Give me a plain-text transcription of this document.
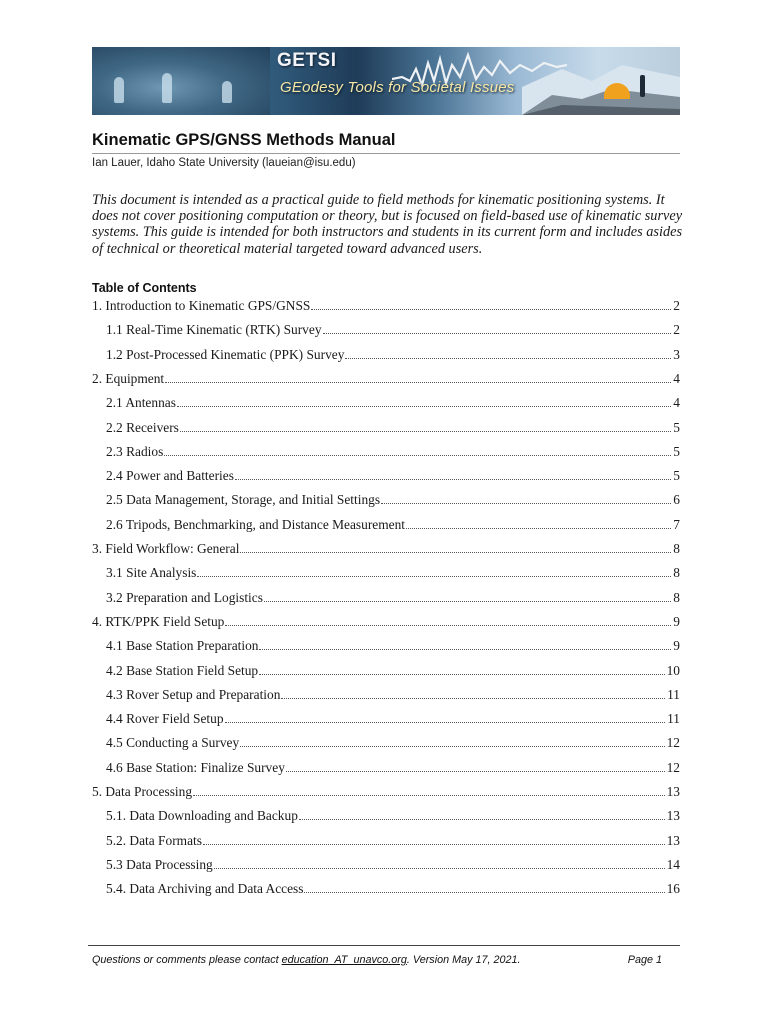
GETSI
GEodesy Tools for Societal Issues
Kinematic GPS/GNSS Methods Manual
Ian Lauer, Idaho State University (laueian@isu.edu)
This document is intended as a practical guide to field methods for kinematic positioning systems. It does not cover positioning computation or theory, but is focused on field-based use of kinematic survey systems. This guide is intended for both instructors and students in its current form and includes asides of technical or theoretical material targeted toward advanced users.
Table of Contents
1. Introduction to Kinematic GPS/GNSS	2
1.1 Real-Time Kinematic (RTK) Survey	2
1.2 Post-Processed Kinematic (PPK) Survey	3
2. Equipment	4
2.1 Antennas	4
2.2 Receivers	5
2.3 Radios	5
2.4 Power and Batteries	5
2.5 Data Management, Storage, and Initial Settings	6
2.6 Tripods, Benchmarking, and Distance Measurement	7
3. Field Workflow: General	8
3.1 Site Analysis	8
3.2 Preparation and Logistics	8
4. RTK/PPK Field Setup	9
4.1 Base Station Preparation	9
4.2 Base Station Field Setup	10
4.3 Rover Setup and Preparation	11
4.4 Rover Field Setup	11
4.5 Conducting a Survey	12
4.6 Base Station: Finalize Survey	12
5. Data Processing	13
5.1. Data Downloading and Backup	13
5.2. Data Formats	13
5.3 Data Processing	14
5.4. Data Archiving and Data Access	16
Questions or comments please contact education_AT_unavco.org. Version May 17, 2021.	Page 1
